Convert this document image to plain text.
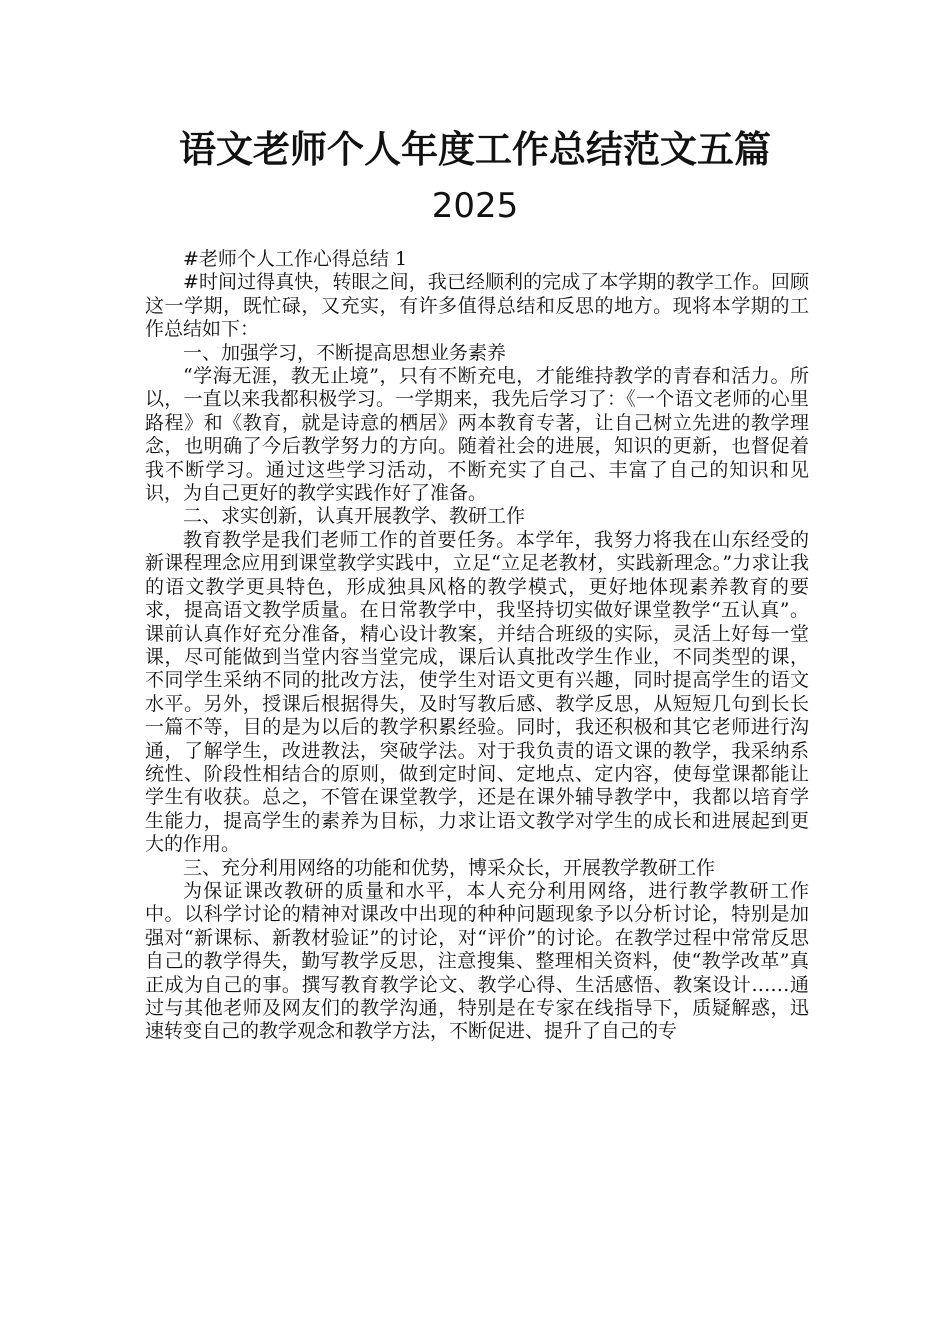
语文老师个人年度工作总结范文五篇
2025

#老师个人工作心得总结 1

#时间过得真快，转眼之间，我已经顺利的完成了本学期的教学工作。回顾这一学期，既忙碌，又充实，有许多值得总结和反思的地方。现将本学期的工作总结如下：

一、加强学习，不断提高思想业务素养

“学海无涯，教无止境”，只有不断充电，才能维持教学的青春和活力。所以，一直以来我都积极学习。一学期来，我先后学习了：《一个语文老师的心里路程》和《教育，就是诗意的栖居》两本教育专著，让自己树立先进的教学理念，也明确了今后教学努力的方向。随着社会的进展，知识的更新，也督促着我不断学习。通过这些学习活动，不断充实了自己、丰富了自己的知识和见识，为自己更好的教学实践作好了准备。

二、求实创新，认真开展教学、教研工作

教育教学是我们老师工作的首要任务。本学年，我努力将我在山东经受的新课程理念应用到课堂教学实践中，立足“立足老教材，实践新理念。”力求让我的语文教学更具特色，形成独具风格的教学模式，更好地体现素养教育的要求，提高语文教学质量。在日常教学中，我坚持切实做好课堂教学“五认真”。课前认真作好充分准备，精心设计教案，并结合班级的实际，灵活上好每一堂课，尽可能做到当堂内容当堂完成，课后认真批改学生作业，不同类型的课，不同学生采纳不同的批改方法，使学生对语文更有兴趣，同时提高学生的语文水平。另外，授课后根据得失，及时写教后感、教学反思，从短短几句到长长一篇不等，目的是为以后的教学积累经验。同时，我还积极和其它老师进行沟通，了解学生，改进教法，突破学法。对于我负责的语文课的教学，我采纳系统性、阶段性相结合的原则，做到定时间、定地点、定内容，使每堂课都能让学生有收获。总之，不管在课堂教学，还是在课外辅导教学中，我都以培育学生能力，提高学生的素养为目标，力求让语文教学对学生的成长和进展起到更大的作用。

三、充分利用网络的功能和优势，博采众长，开展教学教研工作

为保证课改教研的质量和水平，本人充分利用网络，进行教学教研工作中。以科学讨论的精神对课改中出现的种种问题现象予以分析讨论，特别是加强对“新课标、新教材验证”的讨论，对“评价”的讨论。在教学过程中常常反思自己的教学得失，勤写教学反思，注意搜集、整理相关资料，使“教学改革”真正成为自己的事。撰写教育教学论文、教学心得、生活感悟、教案设计……通过与其他老师及网友们的教学沟通，特别是在专家在线指导下，质疑解惑，迅速转变自己的教学观念和教学方法，不断促进、提升了自己的专
